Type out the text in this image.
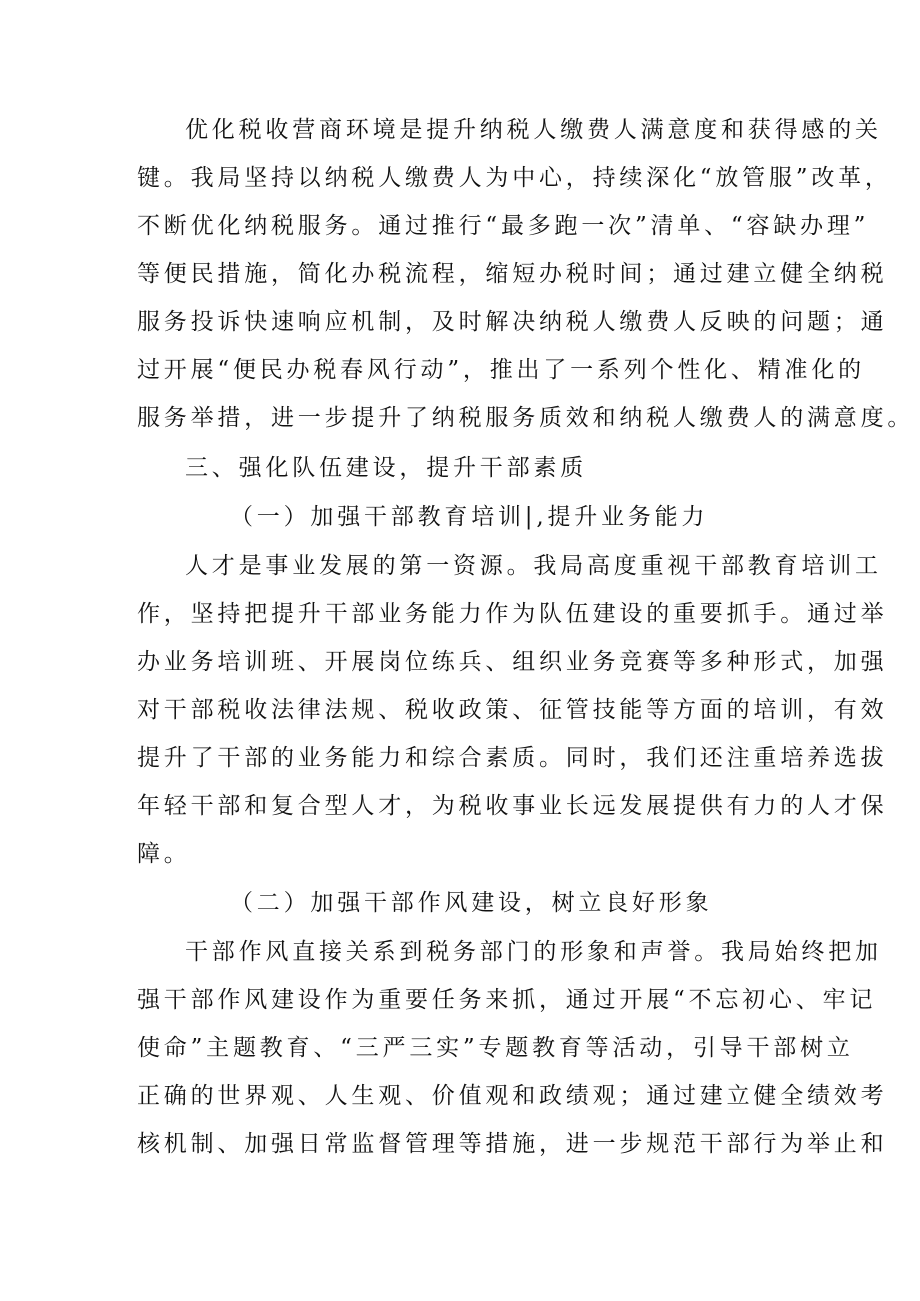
优化税收营商环境是提升纳税人缴费人满意度和获得感的关
键。我局坚持以纳税人缴费人为中心，持续深化“放管服”改革，
不断优化纳税服务。通过推行“最多跑一次”清单、“容缺办理”
等便民措施，简化办税流程，缩短办税时间；通过建立健全纳税
服务投诉快速响应机制，及时解决纳税人缴费人反映的问题；通
过开展“便民办税春风行动”，推出了一系列个性化、精准化的
服务举措，进一步提升了纳税服务质效和纳税人缴费人的满意度。
三、强化队伍建设，提升干部素质
（一）加强干部教育培训|,提升业务能力
人才是事业发展的第一资源。我局高度重视干部教育培训工
作，坚持把提升干部业务能力作为队伍建设的重要抓手。通过举
办业务培训班、开展岗位练兵、组织业务竞赛等多种形式，加强
对干部税收法律法规、税收政策、征管技能等方面的培训，有效
提升了干部的业务能力和综合素质。同时，我们还注重培养选拔
年轻干部和复合型人才，为税收事业长远发展提供有力的人才保
障。
（二）加强干部作风建设，树立良好形象
干部作风直接关系到税务部门的形象和声誉。我局始终把加
强干部作风建设作为重要任务来抓，通过开展“不忘初心、牢记
使命”主题教育、“三严三实”专题教育等活动，引导干部树立
正确的世界观、人生观、价值观和政绩观；通过建立健全绩效考
核机制、加强日常监督管理等措施，进一步规范干部行为举止和
